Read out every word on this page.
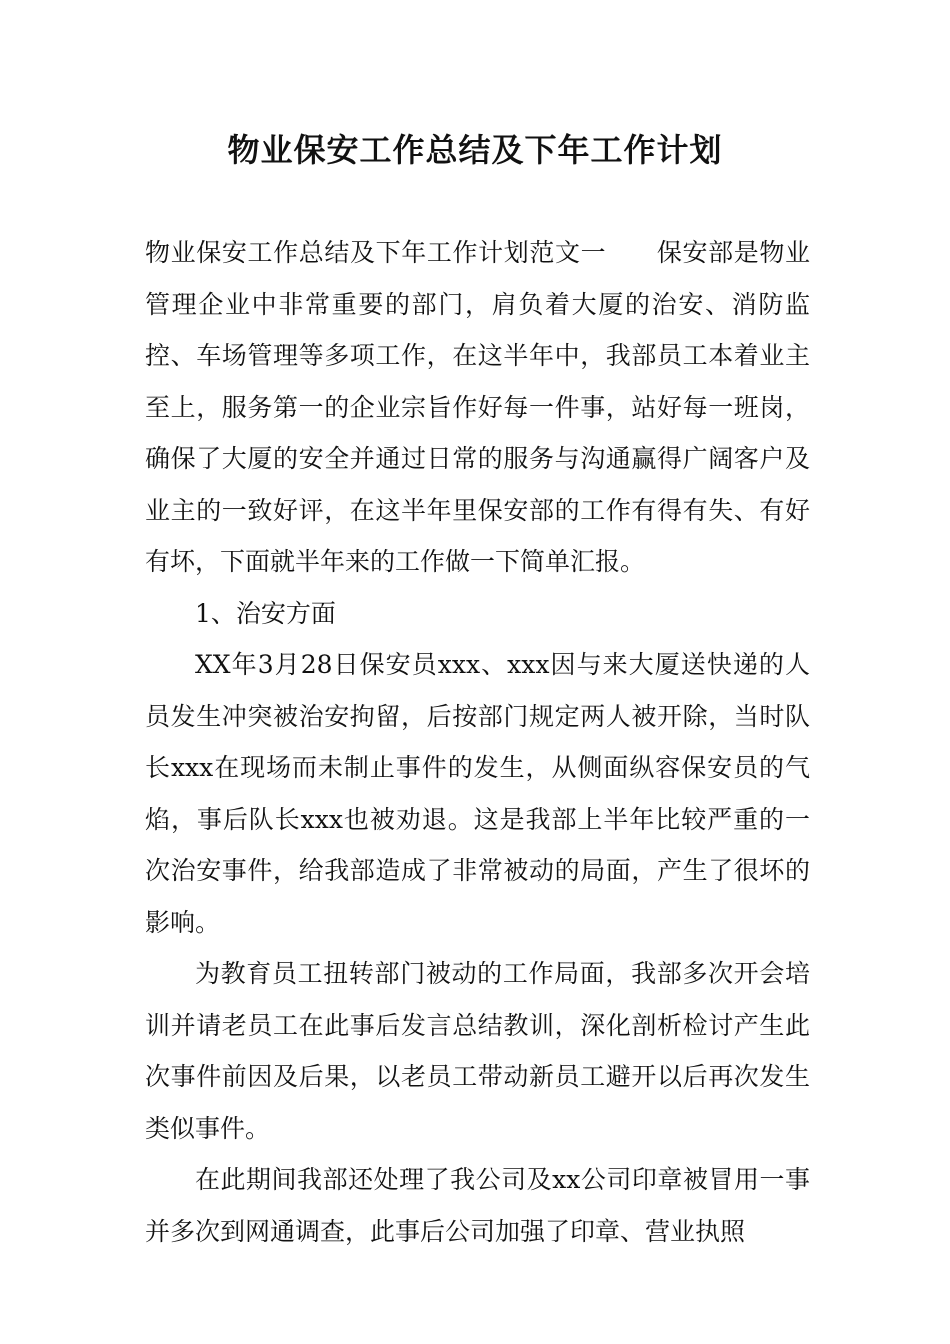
物业保安工作总结及下年工作计划

物业保安工作总结及下年工作计划范文一 保安部是物业管理企业中非常重要的部门，肩负着大厦的治安、消防监控、车场管理等多项工作，在这半年中，我部员工本着业主至上，服务第一的企业宗旨作好每一件事，站好每一班岗，确保了大厦的安全并通过日常的服务与沟通赢得广阔客户及业主的一致好评，在这半年里保安部的工作有得有失、有好有坏，下面就半年来的工作做一下简单汇报。

1、治安方面

XX年3月28日保安员xxx、xxx因与来大厦送快递的人员发生冲突被治安拘留，后按部门规定两人被开除，当时队长xxx在现场而未制止事件的发生，从侧面纵容保安员的气焰，事后队长xxx也被劝退。这是我部上半年比较严重的一次治安事件，给我部造成了非常被动的局面，产生了很坏的影响。

为教育员工扭转部门被动的工作局面，我部多次开会培训并请老员工在此事后发言总结教训，深化剖析检讨产生此次事件前因及后果，以老员工带动新员工避开以后再次发生类似事件。

在此期间我部还处理了我公司及xx公司印章被冒用一事并多次到网通调查，此事后公司加强了印章、营业执照
